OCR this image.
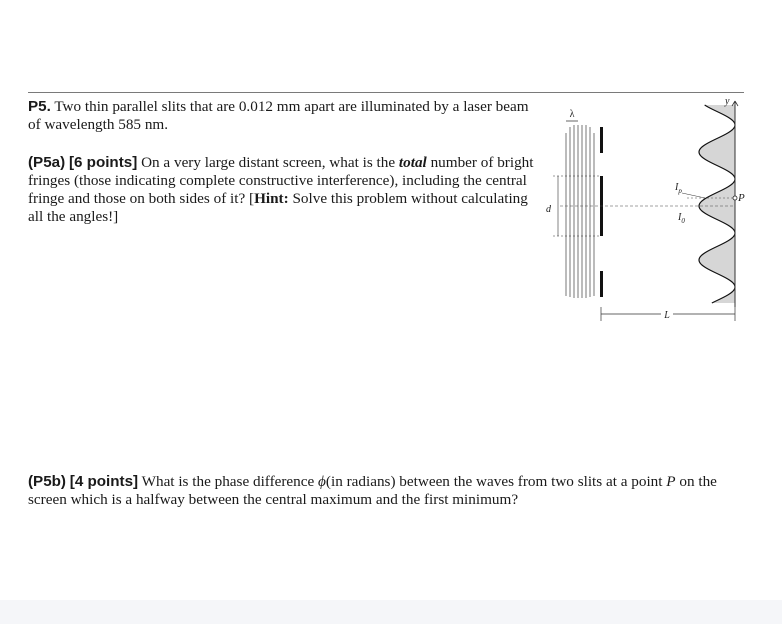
P5. Two thin parallel slits that are 0.012 mm apart are illuminated by a laser beam of wavelength 585 nm.
(P5a) [6 points] On a very large distant screen, what is the total number of bright fringes (those indicating complete constructive interference), including the central fringe and those on both sides of it? [Hint: Solve this problem without calculating all the angles!]
λ
d
y
P
$I_p$
$I_0$
L
(P5b) [4 points] What is the phase difference ϕ(in radians) between the waves from two slits at a point P on the screen which is a halfway between the central maximum and the first minimum?
